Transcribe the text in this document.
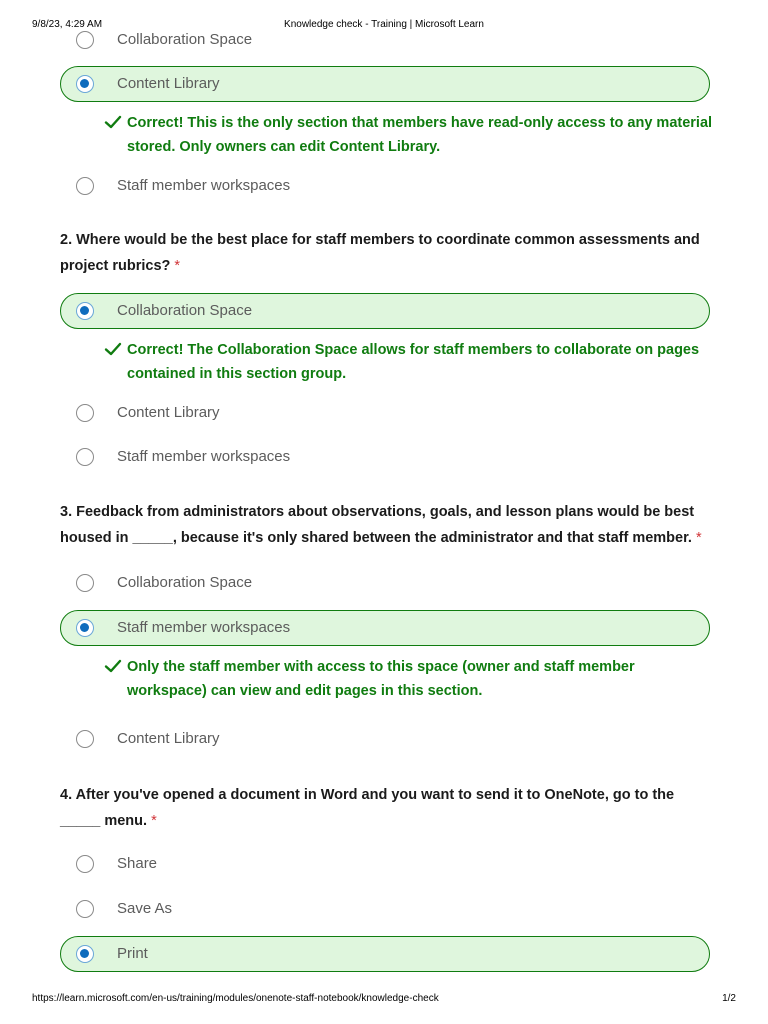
Collaboration Space
Content Library
Correct! This is the only section that members have read-only access to any material stored. Only owners can edit Content Library.
Staff member workspaces
2. Where would be the best place for staff members to coordinate common assessments and project rubrics? *
Collaboration Space
Correct! The Collaboration Space allows for staff members to collaborate on pages contained in this section group.
Content Library
Staff member workspaces
3. Feedback from administrators about observations, goals, and lesson plans would be best housed in _____, because it's only shared between the administrator and that staff member. *
Collaboration Space
Staff member workspaces
Only the staff member with access to this space (owner and staff member workspace) can view and edit pages in this section.
Content Library
4. After you've opened a document in Word and you want to send it to OneNote, go to the _____ menu. *
Share
Save As
Print
9/8/23, 4:29 AM	Knowledge check - Training | Microsoft Learn
https://learn.microsoft.com/en-us/training/modules/onenote-staff-notebook/knowledge-check	1/2
